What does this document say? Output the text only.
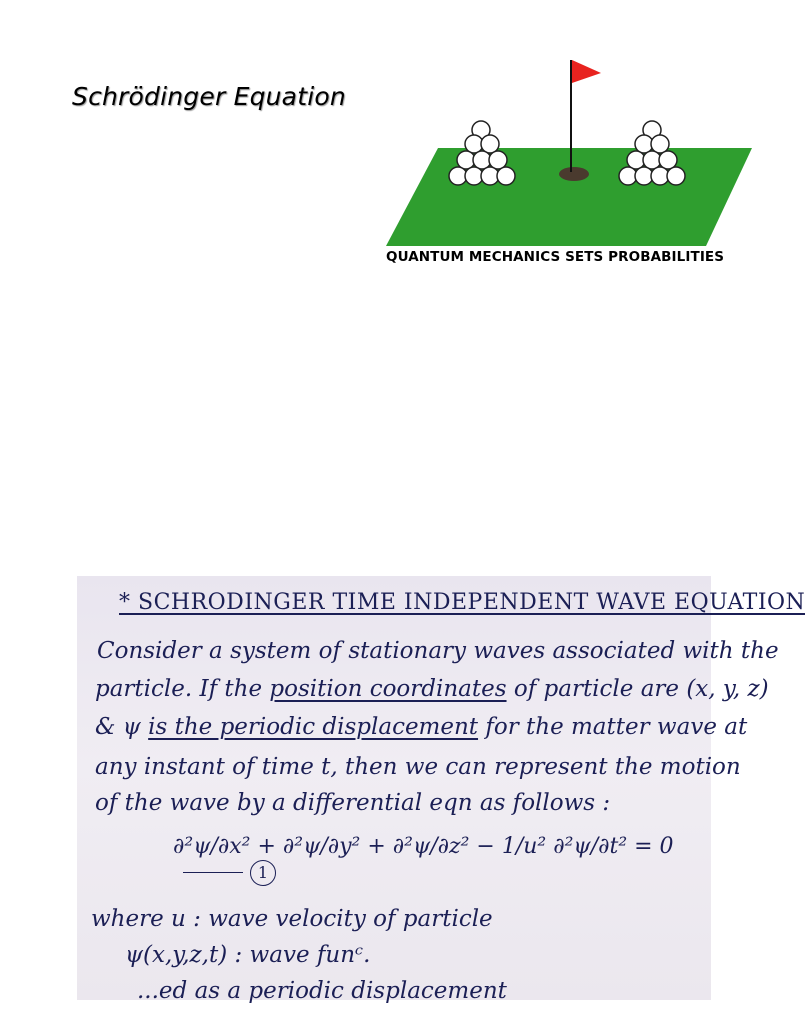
Schrödinger Equation
QUANTUM MECHANICS SETS PROBABILITIES
* SCHRODINGER TIME INDEPENDENT WAVE EQUATION
Consider a system of stationary waves associated with the
particle. If the position coordinates of particle are (x, y, z)
& ψ is the periodic displacement for the matter wave at
any instant of time t, then we can represent the motion
of the wave by a differential eqn as follows :
∂²ψ/∂x² + ∂²ψ/∂y² + ∂²ψ/∂z² − 1/u² ∂²ψ/∂t² = 0  1
where u : wave velocity of particle
ψ(x,y,z,t) : wave funᶜ.
...ed as a periodic displacement
